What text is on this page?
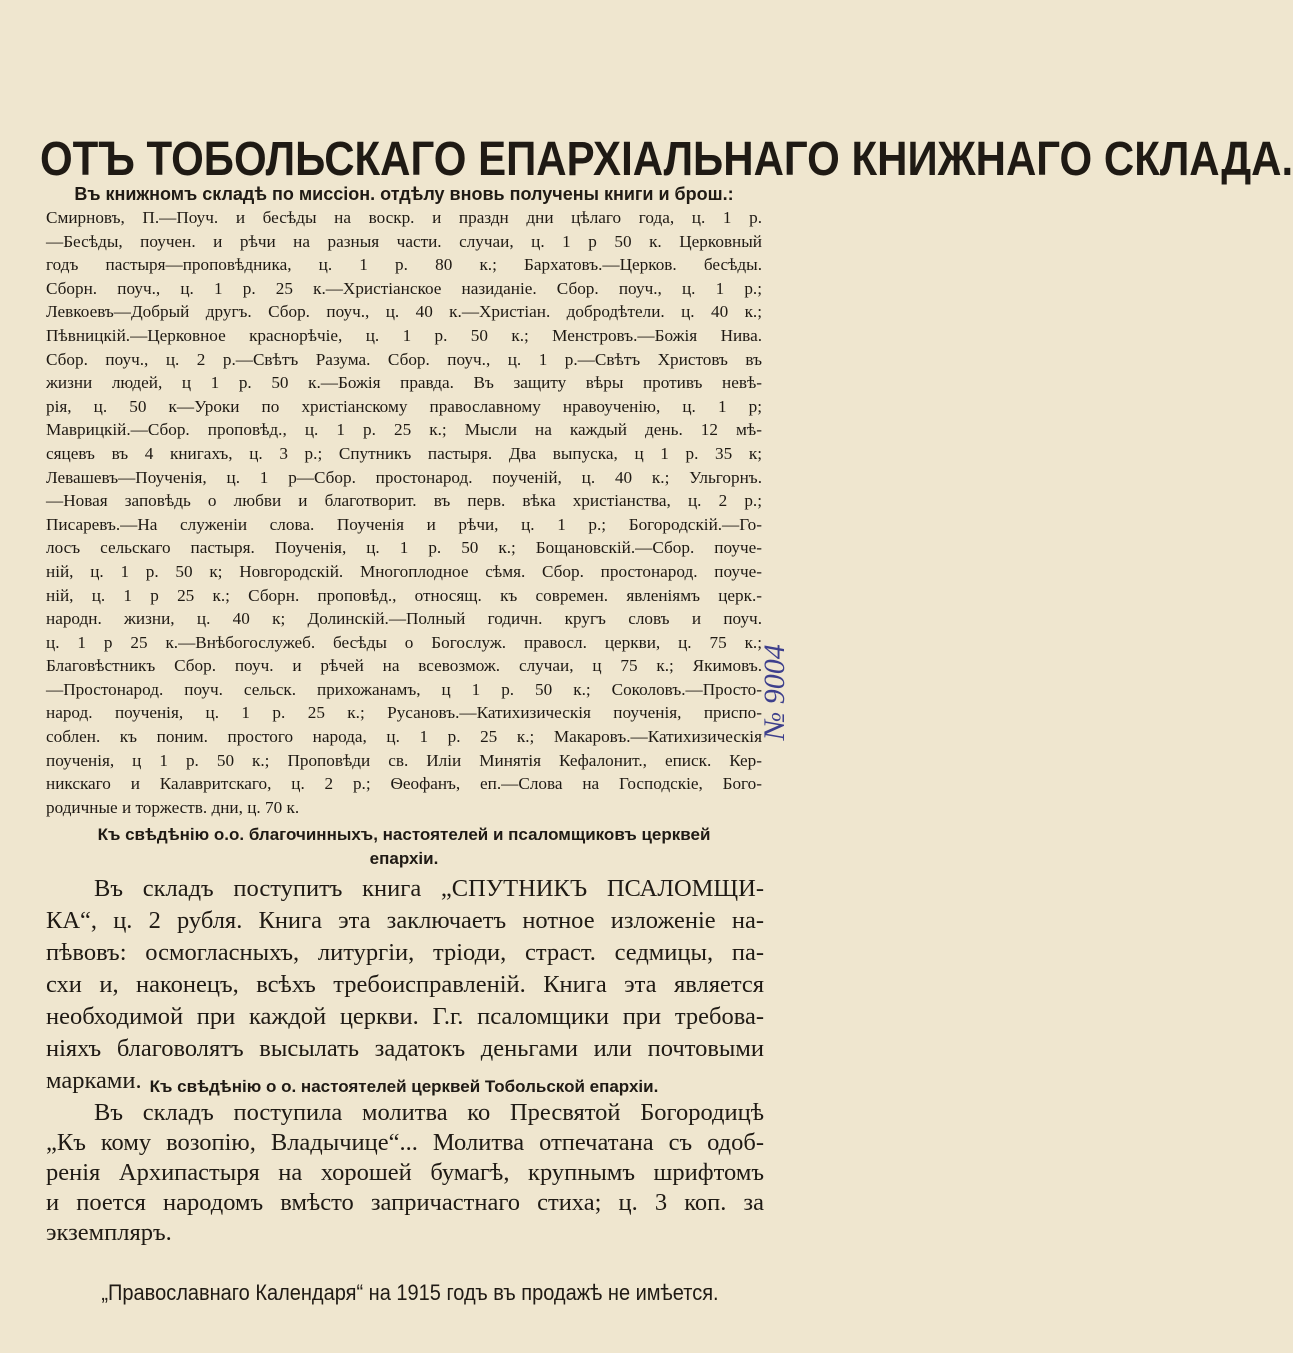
ОТЪ ТОБОЛЬСКАГО ЕПАРХІАЛЬНАГО КНИЖНАГО СКЛАДА.
Въ книжномъ складѣ по миссіон. отдѣлу вновь получены книги и брош.:
Смирновъ, П.—Поуч. и бесѣды на воскр. и праздн дни цѣлаго года, ц. 1 р.
—Бесѣды, поучен. и рѣчи на разныя части. случаи, ц. 1 р 50 к. Церковный
годъ пастыря—проповѣдника, ц. 1 р. 80 к.; Бархатовъ.—Церков. бесѣды.
Сборн. поуч., ц. 1 р. 25 к.—Христіанское назиданіе. Сбор. поуч., ц. 1 р.;
Левкоевъ—Добрый другъ. Сбор. поуч., ц. 40 к.—Христіан. добродѣтели. ц. 40 к.;
Пѣвницкій.—Церковное краснорѣчіе, ц. 1 р. 50 к.; Менстровъ.—Божія Нива.
Сбор. поуч., ц. 2 р.—Свѣтъ Разума. Сбор. поуч., ц. 1 р.—Свѣтъ Христовъ въ
жизни людей, ц 1 р. 50 к.—Божія правда. Въ защиту вѣры противъ невѣ-
рія, ц. 50 к—Уроки по христіанскому православному нравоученію, ц. 1 р;
Маврицкій.—Сбор. проповѣд., ц. 1 р. 25 к.; Мысли на каждый день. 12 мѣ-
сяцевъ въ 4 книгахъ, ц. 3 р.; Спутникъ пастыря. Два выпуска, ц 1 р. 35 к;
Левашевъ—Поученія, ц. 1 р—Сбор. простонарод. поученій, ц. 40 к.; Ульгорнъ.
—Новая заповѣдь о любви и благотворит. въ перв. вѣка христіанства, ц. 2 р.;
Писаревъ.—На служеніи слова. Поученія и рѣчи, ц. 1 р.; Богородскій.—Го-
лосъ сельскаго пастыря. Поученія, ц. 1 р. 50 к.; Бощановскій.—Сбор. поуче-
ній, ц. 1 р. 50 к; Новгородскій. Многоплодное сѣмя. Сбор. простонарод. поуче-
ній, ц. 1 р 25 к.; Сборн. проповѣд., относящ. къ современ. явленіямъ церк.-
народн. жизни, ц. 40 к; Долинскій.—Полный годичн. кругъ словъ и поуч.
ц. 1 р 25 к.—Внѣбогослужеб. бесѣды о Богослуж. правосл. церкви, ц. 75 к.;
Благовѣстникъ Сбор. поуч. и рѣчей на всевозмож. случаи, ц 75 к.; Якимовъ.
—Простонарод. поуч. сельск. прихожанамъ, ц 1 р. 50 к.; Соколовъ.—Просто-
народ. поученія, ц. 1 р. 25 к.; Русановъ.—Катихизическія поученія, приспо-
соблен. къ поним. простого народа, ц. 1 р. 25 к.; Макаровъ.—Катихизическія
поученія, ц 1 р. 50 к.; Проповѣди св. Иліи Минятія Кефалонит., еписк. Кер-
никскаго и Калавритскаго, ц. 2 р.; Ѳеофанъ, еп.—Слова на Господскіе, Бого-
родичные и торжеств. дни, ц. 70 к.
Къ свѣдѣнію о.о. благочинныхъ, настоятелей и псаломщиковъ церквей
епархіи.
Въ складъ поступитъ книга „СПУТНИКЪ ПСАЛОМЩИ-
КА“, ц. 2 рубля. Книга эта заключаетъ нотное изложеніе на-
пѣвовъ: осмогласныхъ, литургіи, тріоди, страст. седмицы, па-
схи и, наконецъ, всѣхъ требоисправленій. Книга эта является
необходимой при каждой церкви. Г.г. псаломщики при требова-
ніяхъ благоволятъ высылать задатокъ деньгами или почтовыми
марками. Къ свѣдѣнію о о. настоятелей церквей Тобольской епархіи.
Въ складъ поступила молитва ко Пресвятой Богородицѣ
„Къ кому возопію, Владычице“... Молитва отпечатана съ одоб-
ренія Архипастыря на хорошей бумагѣ, крупнымъ шрифтомъ
и поется народомъ вмѣсто запричастнаго стиха; ц. 3 коп. за
экземпляръ.
„Православнаго Календаря“ на 1915 годъ въ продажѣ не имѣется.
№ 9004
